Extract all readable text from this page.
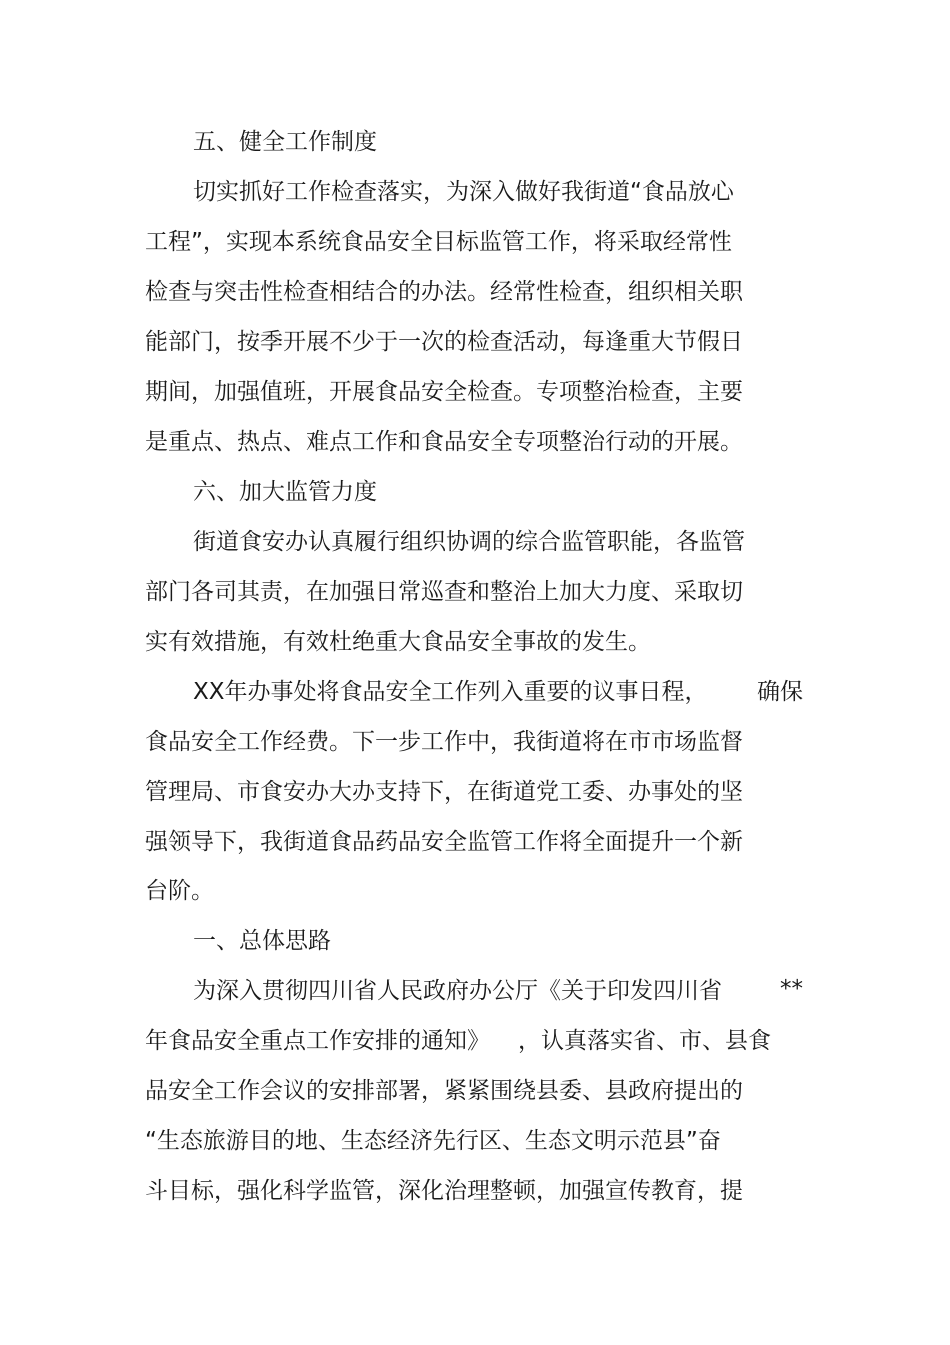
五、健全工作制度
切实抓好工作检查落实，为深入做好我街道“食品放心
工程”，实现本系统食品安全目标监管工作，将采取经常性
检查与突击性检查相结合的办法。经常性检查，组织相关职
能部门，按季开展不少于一次的检查活动，每逢重大节假日
期间，加强值班，开展食品安全检查。专项整治检查，主要
是重点、热点、难点工作和食品安全专项整治行动的开展。
六、加大监管力度
街道食安办认真履行组织协调的综合监管职能，各监管
部门各司其责，在加强日常巡查和整治上加大力度、采取切
实有效措施，有效杜绝重大食品安全事故的发生。
XX年办事处将食品安全工作列入重要的议事日程， 确保
食品安全工作经费。下一步工作中，我街道将在市市场监督
管理局、市食安办大办支持下，在街道党工委、办事处的坚
强领导下，我街道食品药品安全监管工作将全面提升一个新
台阶。
一、总体思路
为深入贯彻四川省人民政府办公厅《关于印发四川省	**
年食品安全重点工作安排的通知》 ，认真落实省、市、县食
品安全工作会议的安排部署，紧紧围绕县委、县政府提出的
“生态旅游目的地、生态经济先行区、生态文明示范县”奋
斗目标，强化科学监管，深化治理整顿，加强宣传教育，提
